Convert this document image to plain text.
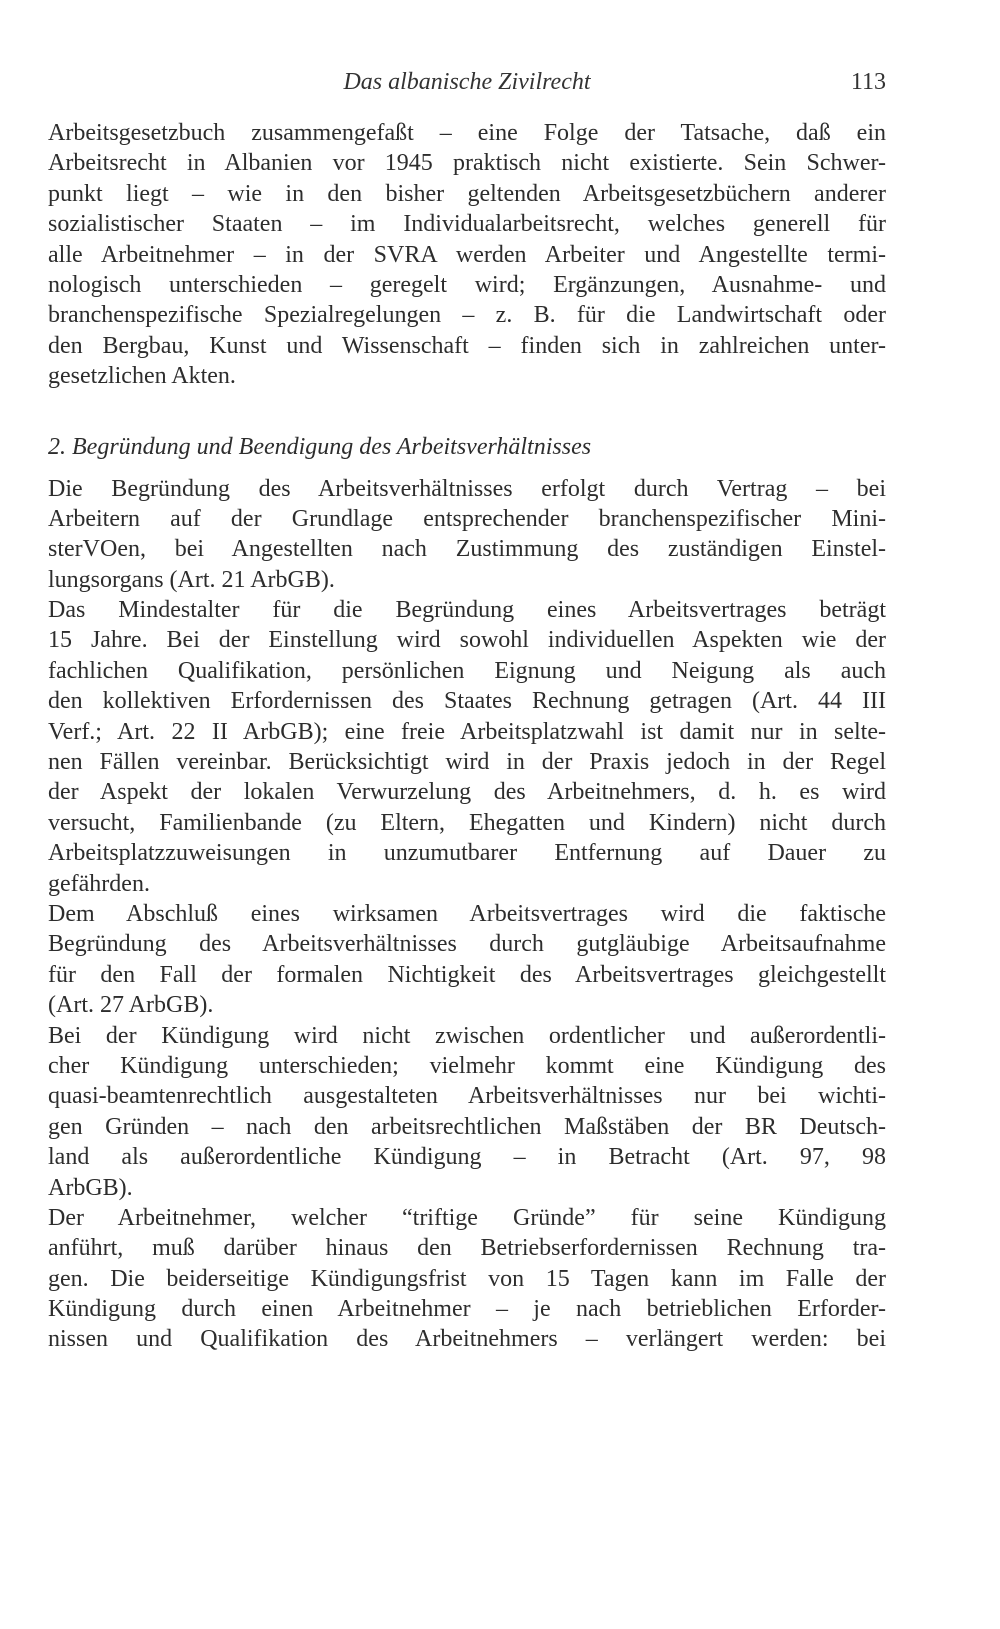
Das albanische Zivilrecht	113
Arbeitsgesetzbuch zusammengefaßt – eine Folge der Tatsache, daß ein
Arbeitsrecht in Albanien vor 1945 praktisch nicht existierte. Sein Schwer-
punkt liegt – wie in den bisher geltenden Arbeitsgesetzbüchern anderer
sozialistischer Staaten – im Individualarbeitsrecht, welches generell für
alle Arbeitnehmer – in der SVRA werden Arbeiter und Angestellte termi-
nologisch unterschieden – geregelt wird; Ergänzungen, Ausnahme- und
branchenspezifische Spezialregelungen – z. B. für die Landwirtschaft oder
den Bergbau, Kunst und Wissenschaft – finden sich in zahlreichen unter-
gesetzlichen Akten.
2. Begründung und Beendigung des Arbeitsverhältnisses
Die Begründung des Arbeitsverhältnisses erfolgt durch Vertrag – bei
Arbeitern auf der Grundlage entsprechender branchenspezifischer Mini-
sterVOen, bei Angestellten nach Zustimmung des zuständigen Einstel-
lungsorgans (Art. 21 ArbGB).
Das Mindestalter für die Begründung eines Arbeitsvertrages beträgt
15 Jahre. Bei der Einstellung wird sowohl individuellen Aspekten wie der
fachlichen Qualifikation, persönlichen Eignung und Neigung als auch
den kollektiven Erfordernissen des Staates Rechnung getragen (Art. 44 III
Verf.; Art. 22 II ArbGB); eine freie Arbeitsplatzwahl ist damit nur in selte-
nen Fällen vereinbar. Berücksichtigt wird in der Praxis jedoch in der Regel
der Aspekt der lokalen Verwurzelung des Arbeitnehmers, d. h. es wird
versucht, Familienbande (zu Eltern, Ehegatten und Kindern) nicht durch
Arbeitsplatzzuweisungen in unzumutbarer Entfernung auf Dauer zu
gefährden.
Dem Abschluß eines wirksamen Arbeitsvertrages wird die faktische
Begründung des Arbeitsverhältnisses durch gutgläubige Arbeitsaufnahme
für den Fall der formalen Nichtigkeit des Arbeitsvertrages gleichgestellt
(Art. 27 ArbGB).
Bei der Kündigung wird nicht zwischen ordentlicher und außerordentli-
cher Kündigung unterschieden; vielmehr kommt eine Kündigung des
quasi-beamtenrechtlich ausgestalteten Arbeitsverhältnisses nur bei wichti-
gen Gründen – nach den arbeitsrechtlichen Maßstäben der BR Deutsch-
land als außerordentliche Kündigung – in Betracht (Art. 97, 98
ArbGB).
Der Arbeitnehmer, welcher “triftige Gründe” für seine Kündigung
anführt, muß darüber hinaus den Betriebserfordernissen Rechnung tra-
gen. Die beiderseitige Kündigungsfrist von 15 Tagen kann im Falle der
Kündigung durch einen Arbeitnehmer – je nach betrieblichen Erforder-
nissen und Qualifikation des Arbeitnehmers – verlängert werden: bei
